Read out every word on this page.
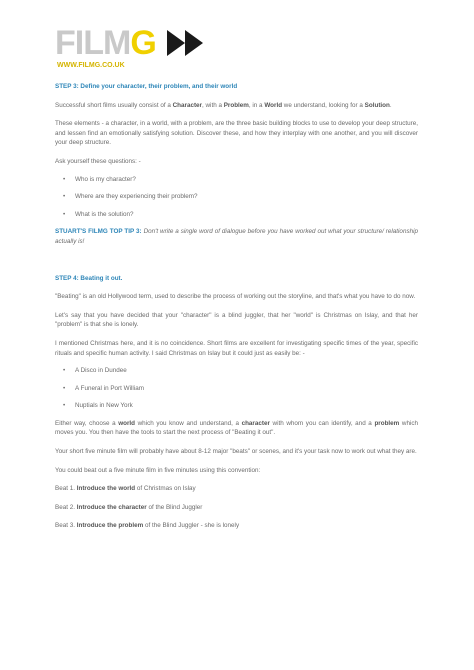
FILMG
WWW.FILMG.CO.UK

STEP 3: Define your character, their problem, and their world

Successful short films usually consist of a Character, with a Problem, in a World we understand, looking for a Solution.

These elements - a character, in a world, with a problem, are the three basic building blocks to use to develop your deep structure, and lessen find an emotionally satisfying solution. Discover these, and how they interplay with one another, and you will discover your deep structure.

Ask yourself these questions: -

• Who is my character?
• Where are they experiencing their problem?
• What is the solution?

STUART'S FILMG TOP TIP 3: Don't write a single word of dialogue before you have worked out what your structure/ relationship actually is!

STEP 4: Beating it out.

"Beating" is an old Hollywood term, used to describe the process of working out the storyline, and that's what you have to do now.

Let's say that you have decided that your "character" is a blind juggler, that her "world" is Christmas on Islay, and that her "problem" is that she is lonely.

I mentioned Christmas here, and it is no coincidence. Short films are excellent for investigating specific times of the year, specific rituals and specific human activity. I said Christmas on Islay but it could just as easily be: -

• A Disco in Dundee
• A Funeral in Port William
• Nuptials in New York

Either way, choose a world which you know and understand, a character with whom you can identify, and a problem which moves you. You then have the tools to start the next process of "Beating it out".

Your short five minute film will probably have about 8-12 major "beats" or scenes, and it's your task now to work out what they are.

You could beat out a five minute film in five minutes using this convention:

Beat 1. Introduce the world of Christmas on Islay

Beat 2. Introduce the character of the Blind Juggler

Beat 3. Introduce the problem of the Blind Juggler - she is lonely
